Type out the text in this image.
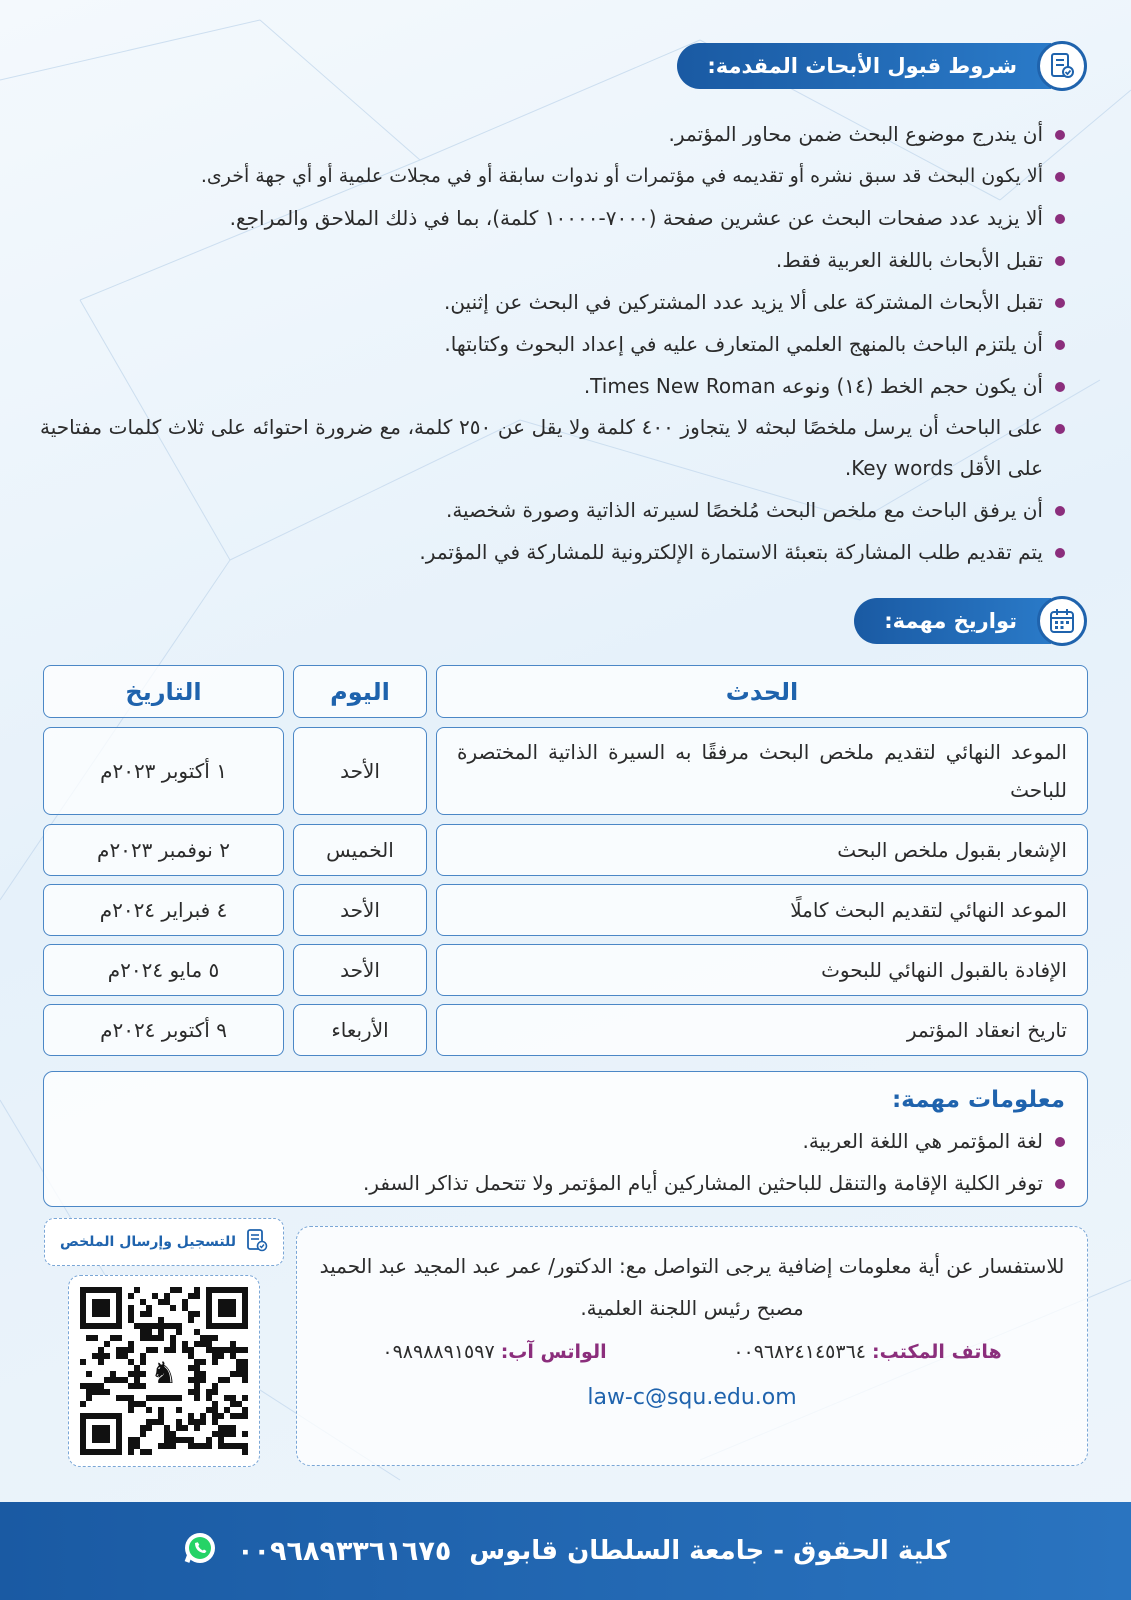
شروط قبول الأبحاث المقدمة:
أن يندرج موضوع البحث ضمن محاور المؤتمر.
ألا يكون البحث قد سبق نشره أو تقديمه في مؤتمرات أو ندوات سابقة أو في مجلات علمية أو أي جهة أخرى.
ألا يزيد عدد صفحات البحث عن عشرين صفحة (٧٠٠٠-١٠٠٠٠ كلمة)، بما في ذلك الملاحق والمراجع.
تقبل الأبحاث باللغة العربية فقط.
تقبل الأبحاث المشتركة على ألا يزيد عدد المشتركين في البحث عن إثنين.
أن يلتزم الباحث بالمنهج العلمي المتعارف عليه في إعداد البحوث وكتابتها.
أن يكون حجم الخط (١٤) ونوعه Times New Roman.
على الباحث أن يرسل ملخصًا لبحثه لا يتجاوز ٤٠٠ كلمة ولا يقل عن ٢٥٠ كلمة، مع ضرورة احتوائه على ثلاث كلمات مفتاحية على الأقل Key words.
أن يرفق الباحث مع ملخص البحث مُلخصًا لسيرته الذاتية وصورة شخصية.
يتم تقديم طلب المشاركة بتعبئة الاستمارة الإلكترونية للمشاركة في المؤتمر.
تواريخ مهمة:
الحدث
اليوم
التاريخ
الموعد النهائي لتقديم ملخص البحث مرفقًا به السيرة الذاتية المختصرة للباحث
الأحد
١ أكتوبر ٢٠٢٣م
الإشعار بقبول ملخص البحث
الخميس
٢ نوفمبر ٢٠٢٣م
الموعد النهائي لتقديم البحث كاملًا
الأحد
٤ فبراير ٢٠٢٤م
الإفادة بالقبول النهائي للبحوث
الأحد
٥ مايو ٢٠٢٤م
تاريخ انعقاد المؤتمر
الأربعاء
٩ أكتوبر ٢٠٢٤م
معلومات مهمة:
لغة المؤتمر هي اللغة العربية.
توفر الكلية الإقامة والتنقل للباحثين المشاركين أيام المؤتمر ولا تتحمل تذاكر السفر.

للاستفسار عن أية معلومات إضافية يرجى التواصل مع: الدكتور/ عمر عبد المجيد عبد الحميد مصبح رئيس اللجنة العلمية.

هاتف المكتب: ٠٠٩٦٨٢٤١٤٥٣٦٤
الواتس آب: ٠٩٨٩٨٨٩١٥٩٧
law-c@squ.edu.om
للتسجيل وإرسال الملخص
♞
كلية الحقوق - جامعة السلطان قابوس
٠٠٩٦٨٩٣٣٦١٦٧٥
